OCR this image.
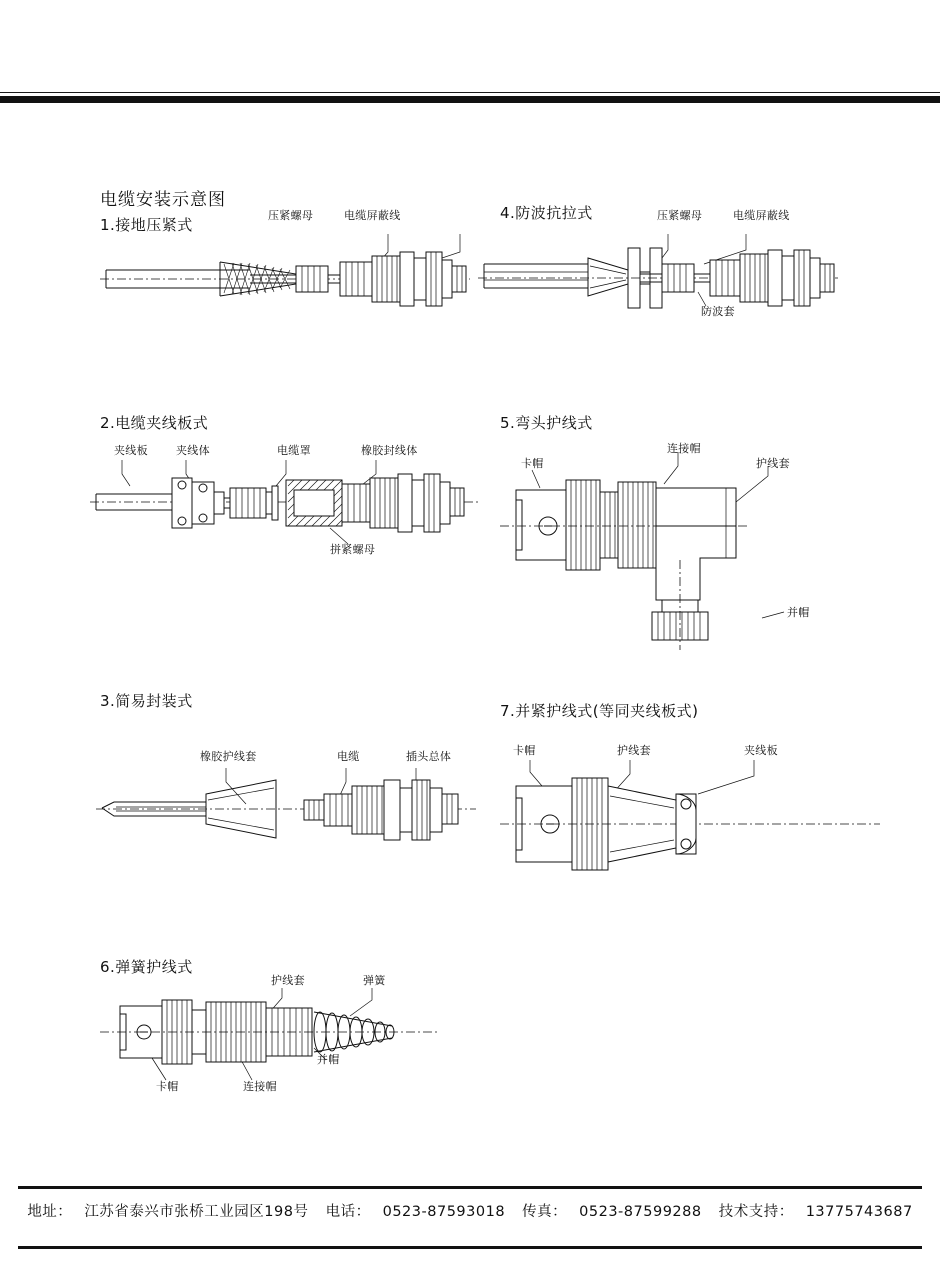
电缆安装示意图
1.接地压紧式
压紧螺母	电缆屏蔽线	4.防波抗拉式	压紧螺母	电缆屏蔽线
防波套
2.电缆夹线板式
夹线板	夹线体	电缆罩	橡胶封线体
拼紧螺母
5.弯头护线式
卡帽
连接帽
护线套
并帽
3.简易封装式
橡胶护线套	电缆	插头总体
7.并紧护线式(等同夹线板式)
卡帽	护线套	夹线板
6.弹簧护线式
护线套	弹簧
并帽
卡帽	连接帽
地址： 江苏省泰兴市张桥工业园区198号 电话： 0523-87593018 传真： 0523-87599288 技术支持： 13775743687
